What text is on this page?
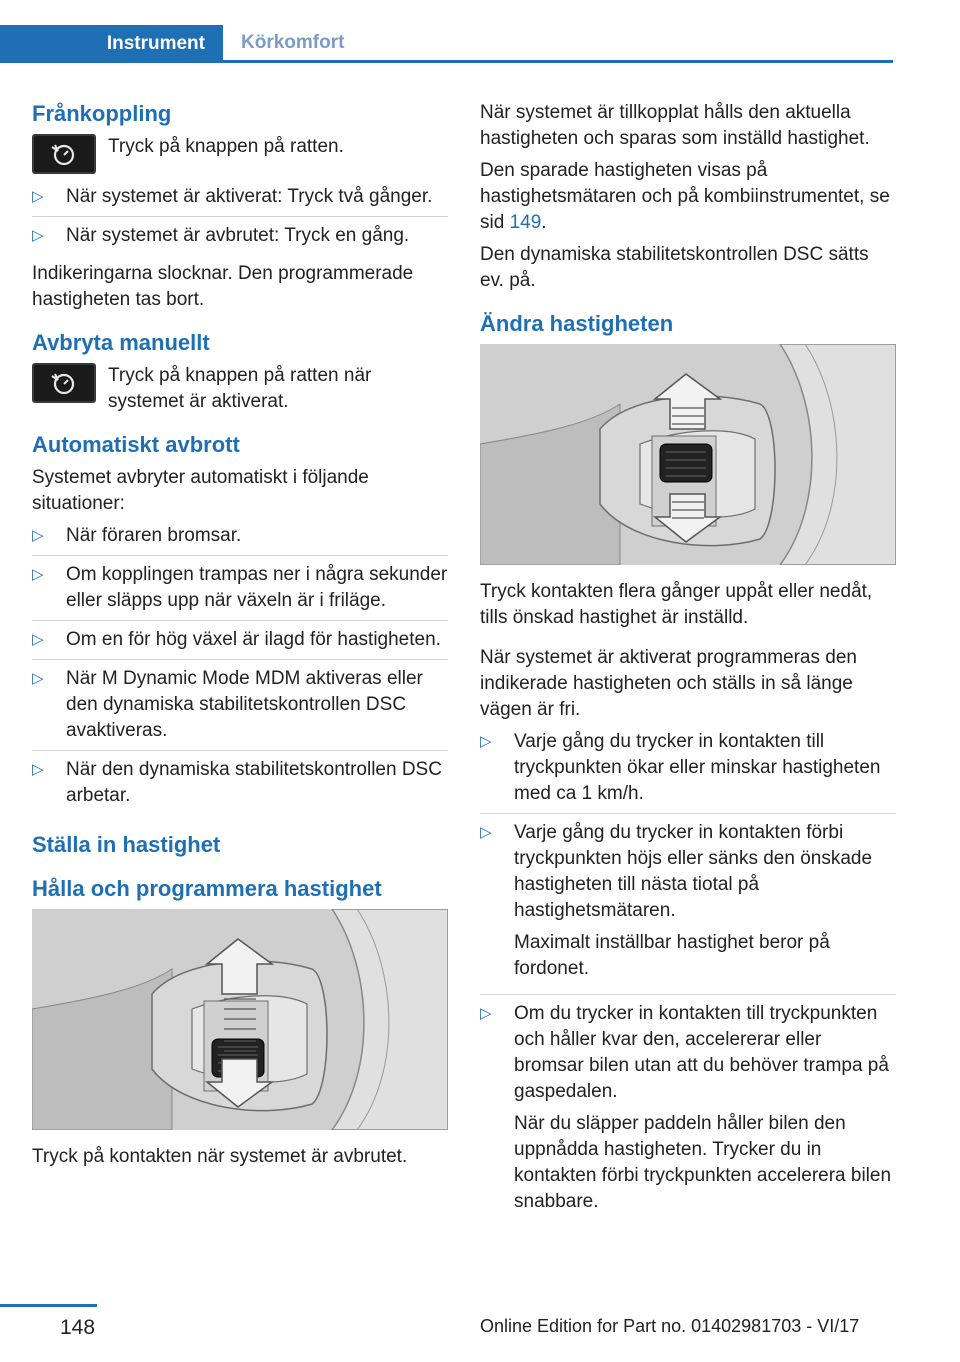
Instrument	Körkomfort
Frånkoppling
Tryck på knappen på ratten.
▷ När systemet är aktiverat: Tryck två gånger.
▷ När systemet är avbrutet: Tryck en gång.

Indikeringarna slocknar. Den programmerade hastigheten tas bort.

Avbryta manuellt
Tryck på knappen på ratten när systemet är aktiverat.
Automatiskt avbrott

Systemet avbryter automatiskt i följande situationer:

▷ När föraren bromsar.
▷ Om kopplingen trampas ner i några sekunder eller släpps upp när växeln är i friläge.
▷ Om en för hög växel är ilagd för hastigheten.
▷ När M Dynamic Mode MDM aktiveras eller den dynamiska stabilitetskontrollen DSC avaktiveras.
▷ När den dynamiska stabilitetskontrollen DSC arbetar.
Ställa in hastighet
Hålla och programmera hastighet

Tryck på kontakten när systemet är avbrutet.

När systemet är tillkopplat hålls den aktuella hastigheten och sparas som inställd hastighet.

Den sparade hastigheten visas på hastighetsmätaren och på kombiinstrumentet, se sid 149.

Den dynamiska stabilitetskontrollen DSC sätts ev. på.

Ändra hastigheten

Tryck kontakten flera gånger uppåt eller nedåt, tills önskad hastighet är inställd.

När systemet är aktiverat programmeras den indikerade hastigheten och ställs in så länge vägen är fri.

▷ Varje gång du trycker in kontakten till tryckpunkten ökar eller minskar hastigheten med ca 1 km/h.
▷ Varje gång du trycker in kontakten förbi tryckpunkten höjs eller sänks den önskade hastigheten till nästa tiotal på hastighetsmätaren.

Maximalt inställbar hastighet beror på fordonet.

▷ Om du trycker in kontakten till tryckpunkten och håller kvar den, accelererar eller bromsar bilen utan att du behöver trampa på gaspedalen.

När du släpper paddeln håller bilen den uppnådda hastigheten. Trycker du in kontakten förbi tryckpunkten accelerera bilen snabbare.

148	Online Edition for Part no. 01402981703 - VI/17
